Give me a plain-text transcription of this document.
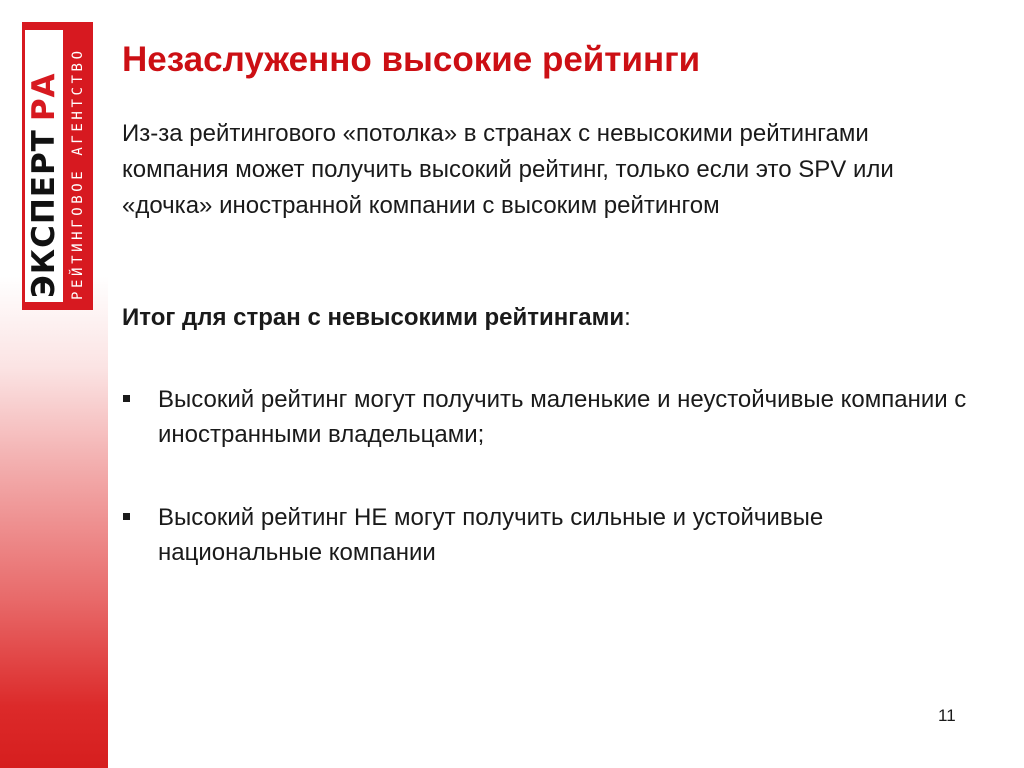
ЭКСПЕРТ
РА РЕЙТИНГОВОЕ АГЕНТСТВО Незаслуженно высокие рейтинги

Из-за рейтингового «потолка» в странах с невысокими рейтингами компания может получить высокий рейтинг, только если это SPV или «дочка» иностранной компании с высоким рейтингом

Итог для стран с невысокими рейтингами:

Высокий рейтинг могут получить маленькие и неустойчивые компании с иностранными владельцами;
Высокий рейтинг НЕ могут получить сильные и устойчивые национальные компании
11
